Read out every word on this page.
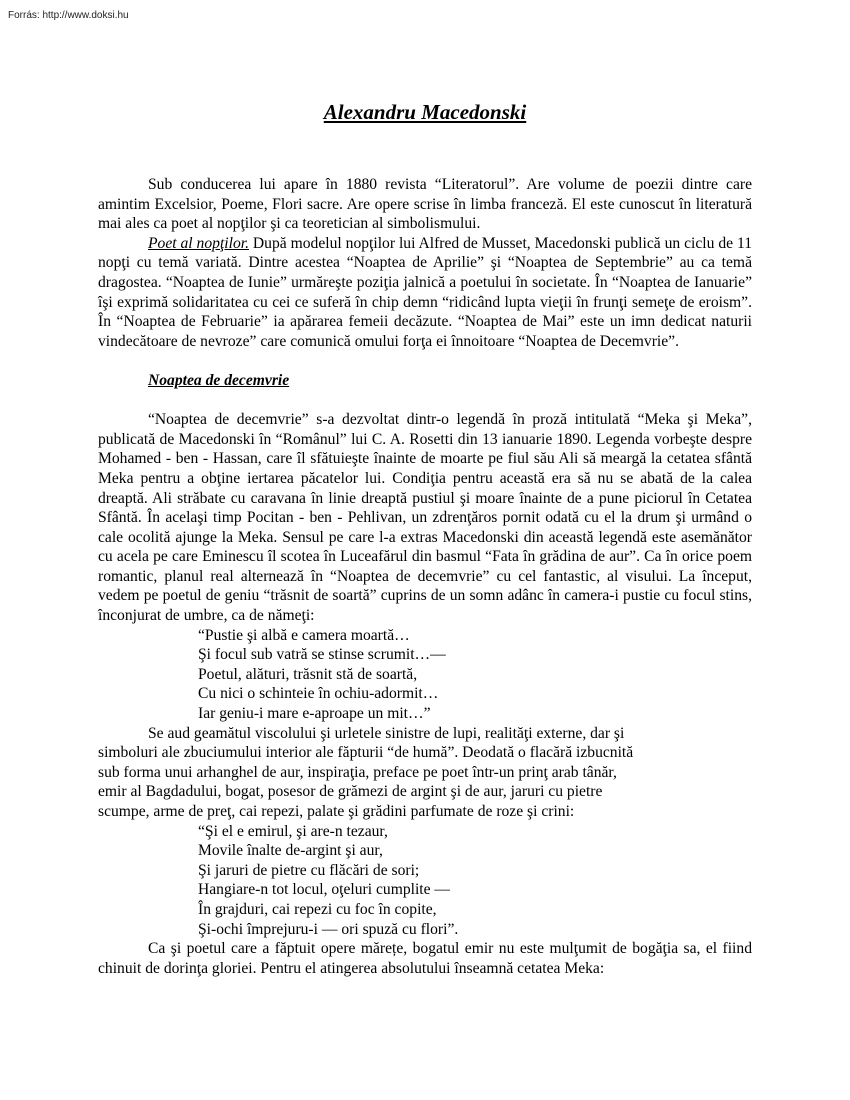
Forrás: http://www.doksi.hu
Alexandru Macedonski

Sub conducerea lui apare în 1880 revista “Literatorul”. Are volume de poezii dintre care amintim Excelsior, Poeme, Flori sacre. Are opere scrise în limba franceză. El este cunoscut în literatură mai ales ca poet al nopţilor şi ca teoretician al simbolismului.

Poet al nopţilor. După modelul nopţilor lui Alfred de Musset, Macedonski publică un ciclu de 11 nopţi cu temă variată. Dintre acestea “Noaptea de Aprilie” şi “Noaptea de Septembrie” au ca temă dragostea. “Noaptea de Iunie” urmăreşte poziţia jalnică a poetului în societate. În “Noaptea de Ianuarie” îşi exprimă solidaritatea cu cei ce suferă în chip demn “ridicând lupta vieţii în frunţi semeţe de eroism”. În “Noaptea de Februarie” ia apărarea femeii decăzute. “Noaptea de Mai” este un imn dedicat naturii vindecătoare de nevroze” care comunică omului forţa ei înnoitoare “Noaptea de Decemvrie”.

Noaptea de decemvrie

“Noaptea de decemvrie” s-a dezvoltat dintr-o legendă în proză intitulată “Meka şi Meka”, publicată de Macedonski în “Românul” lui C. A. Rosetti din 13 ianuarie 1890. Legenda vorbeşte despre Mohamed - ben - Hassan, care îl sfătuieşte înainte de moarte pe fiul său Ali să meargă la cetatea sfântă Meka pentru a obţine iertarea păcatelor lui. Condiţia pentru această era să nu se abată de la calea dreaptă. Ali străbate cu caravana în linie dreaptă pustiul şi moare înainte de a pune piciorul în Cetatea Sfântă. În acelaşi timp Pocitan - ben - Pehlivan, un zdrenţăros pornit odată cu el la drum şi urmând o cale ocolită ajunge la Meka. Sensul pe care l-a extras Macedonski din această legendă este asemănător cu acela pe care Eminescu îl scotea în Luceafărul din basmul “Fata în grădina de aur”. Ca în orice poem romantic, planul real alternează în “Noaptea de decemvrie” cu cel fantastic, al visului. La început, vedem pe poetul de geniu “trăsnit de soartă” cuprins de un somn adânc în camera-i pustie cu focul stins, înconjurat de umbre, ca de nămeţi:

“Pustie şi albă e camera moartă…
Şi focul sub vatră se stinse scrumit…—
Poetul, alături, trăsnit stă de soartă,
Cu nici o schinteie în ochiu-adormit…
Iar geniu-i mare e-aproape un mit…”
Se aud geamătul viscolului şi urletele sinistre de lupi, realităţi externe, dar şi
simboluri ale zbuciumului interior ale făpturii “de humă”. Deodată o flacără izbucnită
sub forma unui arhanghel de aur, inspiraţia, preface pe poet într-un prinţ arab tânăr,
emir al Bagdadului, bogat, posesor de grămezi de argint şi de aur, jaruri cu pietre
scumpe, arme de preţ, cai repezi, palate şi grădini parfumate de roze şi crini:
“Şi el e emirul, şi are-n tezaur,
Movile înalte de-argint şi aur,
Şi jaruri de pietre cu flăcări de sori;
Hangiare-n tot locul, oţeluri cumplite —
În grajduri, cai repezi cu foc în copite,
Şi-ochi împrejuru-i — ori spuză cu flori”.

Ca şi poetul care a făptuit opere mărețe, bogatul emir nu este mulţumit de bogăţia sa, el fiind chinuit de dorinţa gloriei. Pentru el atingerea absolutului înseamnă cetatea Meka:
